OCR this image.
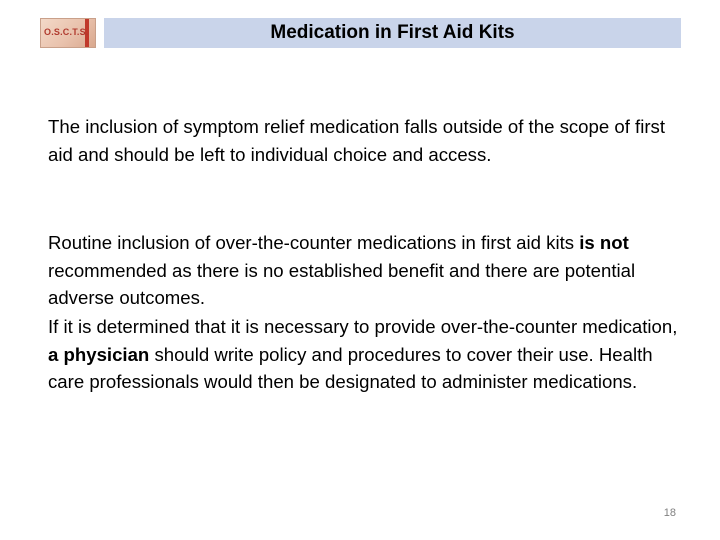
O.S.C.T.S.	Medication in First Aid Kits

The inclusion of symptom relief medication falls outside of the scope of first aid and should be left to individual choice and access.

Routine inclusion of over-the-counter medications in first aid kits is not recommended as there is no established benefit and there are potential adverse outcomes.

If it is determined that it is necessary to provide over-the-counter medication, a physician should write policy and procedures to cover their use. Health care professionals would then be designated to administer medications.

18
